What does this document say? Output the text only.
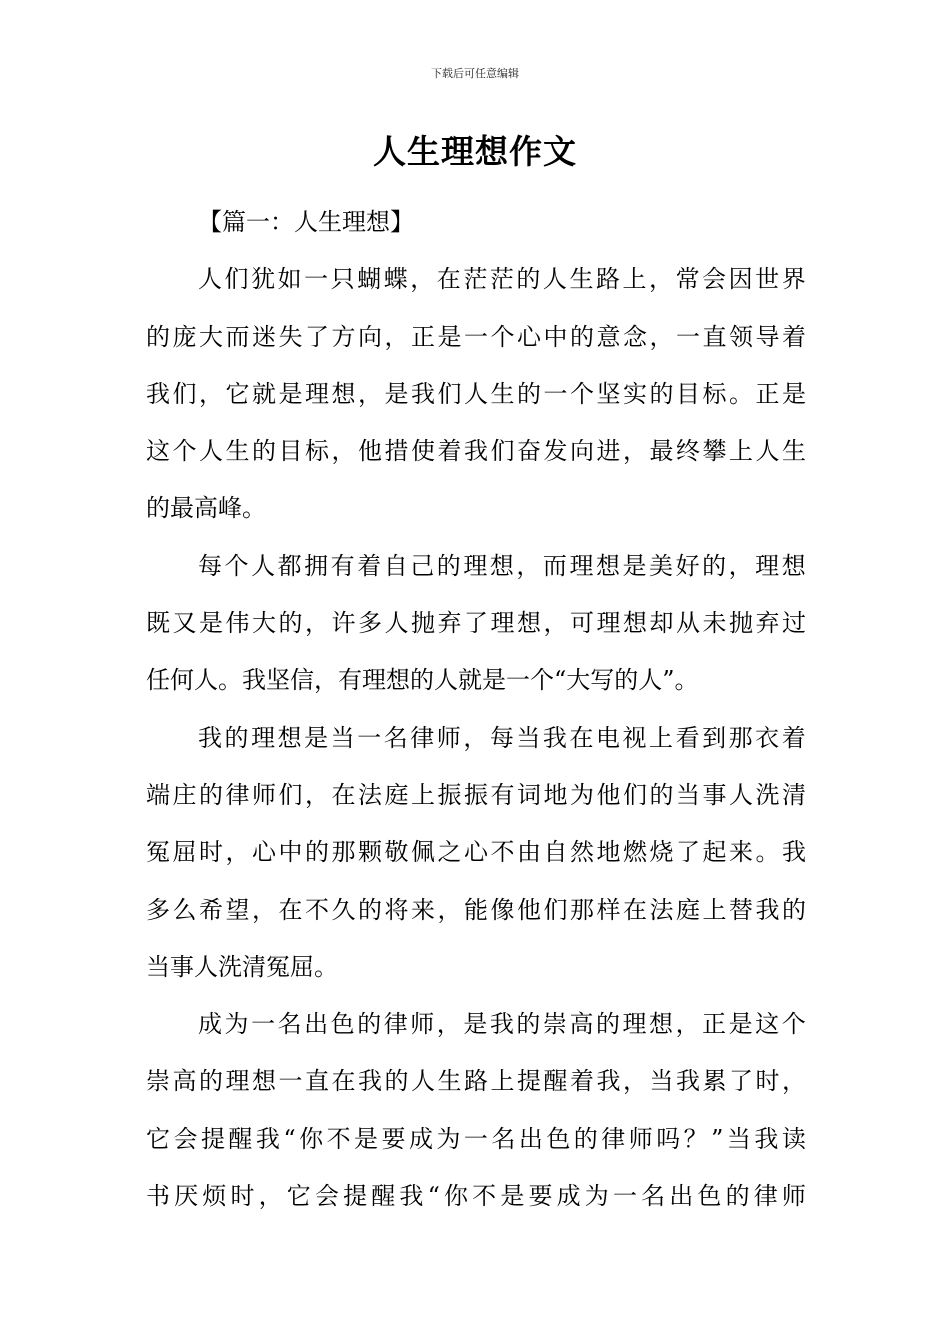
下载后可任意编辑
人生理想作文
【篇一：人生理想】
人 们 犹 如 一 只 蝴 蝶 ， 在 茫 茫 的 人 生 路 上 ， 常 会 因 世 界
的 庞 大 而 迷 失 了 方 向 ， 正 是 一 个 心 中 的 意 念 ， 一 直 领 导 着
我 们 ， 它 就 是 理 想 ， 是 我 们 人 生 的 一 个 坚 实 的 目 标 。 正 是
这 个 人 生 的 目 标 ， 他 措 使 着 我 们 奋 发 向 进 ， 最 终 攀 上 人 生
的最高峰。
每 个 人 都 拥 有 着 自 己 的 理 想 ， 而 理 想 是 美 好 的 ， 理 想
既 又 是 伟 大 的 ， 许 多 人 抛 弃 了 理 想 ， 可 理 想 却 从 未 抛 弃 过
任何人。我坚信，有理想的人就是一个“大写的人”。
我 的 理 想 是 当 一 名 律 师 ， 每 当 我 在 电 视 上 看 到 那 衣 着
端 庄 的 律 师 们 ， 在 法 庭 上 振 振 有 词 地 为 他 们 的 当 事 人 洗 清
冤 屈 时 ， 心 中 的 那 颗 敬 佩 之 心 不 由 自 然 地 燃 烧 了 起 来 。 我
多 么 希 望 ， 在 不 久 的 将 来 ， 能 像 他 们 那 样 在 法 庭 上 替 我 的
当事人洗清冤屈。
成 为 一 名 出 色 的 律 师 ， 是 我 的 崇 高 的 理 想 ， 正 是 这 个
崇 高 的 理 想 一 直 在 我 的 人 生 路 上 提 醒 着 我 ， 当 我 累 了 时 ，
它 会 提 醒 我 “ 你 不 是 要 成 为 一 名 出 色 的 律 师 吗 ？ ” 当 我 读
书 厌 烦 时 ， 它 会 提 醒 我 “ 你 不 是 要 成 为 一 名 出 色 的 律 师
